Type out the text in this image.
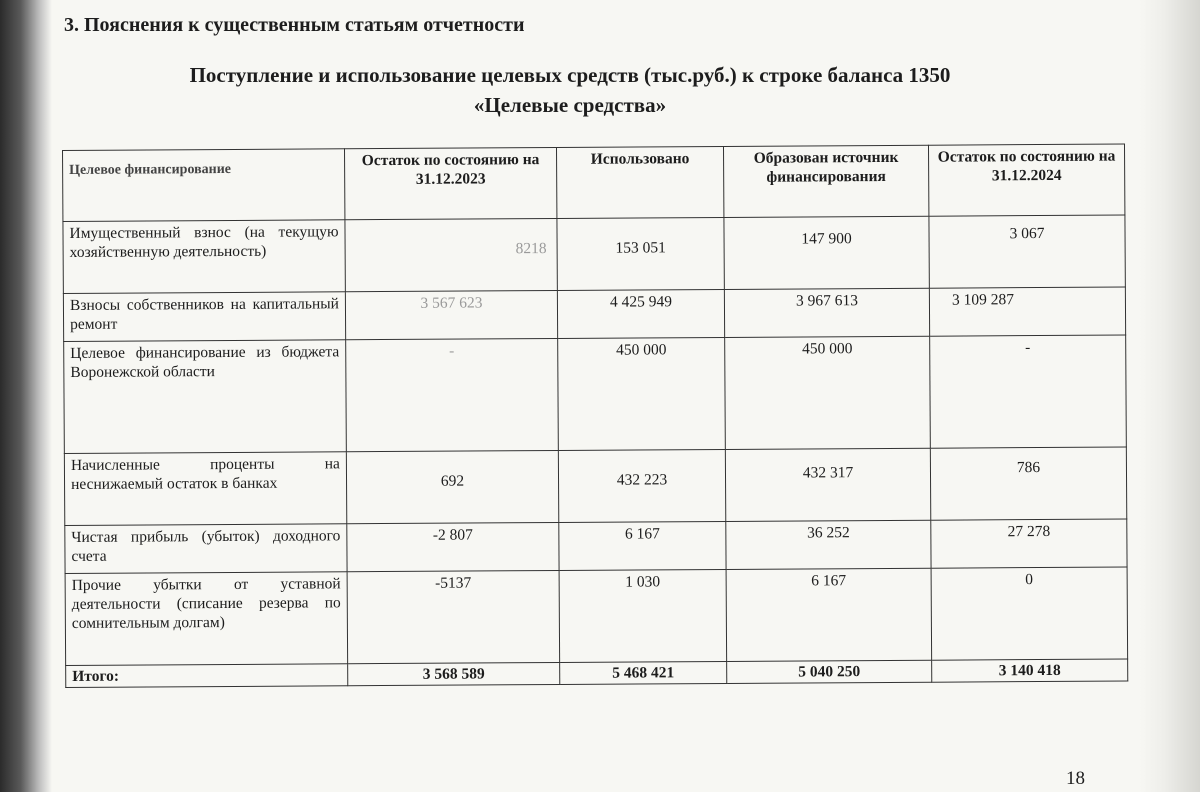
3. Пояснения к существенным статьям отчетности
Поступление и использование целевых средств (тыс.руб.) к строке баланса 1350
«Целевые средства»
Целевое финансирование	Остаток по состоянию на 31.12.2023	Использовано	Образован источник финансирования	Остаток по состоянию на 31.12.2024
Имущественный взнос (на текущую хозяйственную деятельность)	8218	153 051	147 900	3 067
Взносы собственников на капитальный ремонт	3 567 623	4 425 949	3 967 613	3 109 287
Целевое финансирование из бюджета Воронежской области	-	450 000	450 000	-
Начисленные проценты на неснижаемый остаток в банках	692	432 223	432 317	786
Чистая прибыль (убыток) доходного счета	-2 807	6 167	36 252	27 278
Прочие убытки от уставной деятельности (списание резерва по сомнительным долгам)	-5137	1 030	6 167	0
Итого:	3 568 589	5 468 421	5 040 250	3 140 418
18
